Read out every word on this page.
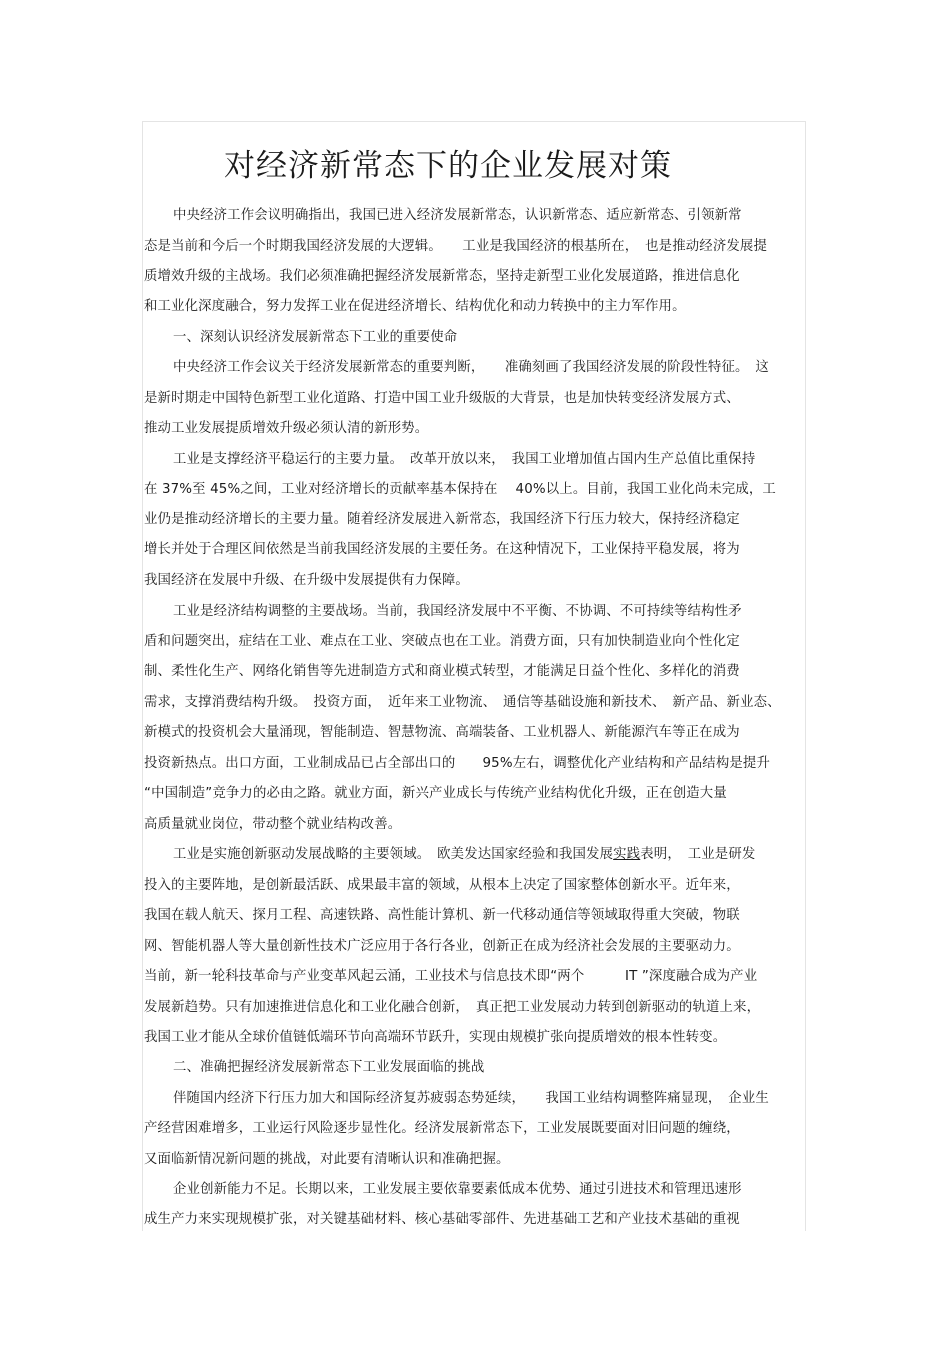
对经济新常态下的企业发展对策
中央经济工作会议明确指出，我国已进入经济发展新常态，认识新常态、适应新常态、引领新常
态是当前和今后一个时期我国经济发展的大逻辑。　　工业是我国经济的根基所在，　也是推动经济发展提
质增效升级的主战场。我们必须准确把握经济发展新常态，坚持走新型工业化发展道路，推进信息化
和工业化深度融合，努力发挥工业在促进经济增长、结构优化和动力转换中的主力军作用。
一、深刻认识经济发展新常态下工业的重要使命
中央经济工作会议关于经济发展新常态的重要判断，　　准确刻画了我国经济发展的阶段性特征。　这
是新时期走中国特色新型工业化道路、打造中国工业升级版的大背景，也是加快转变经济发展方式、
推动工业发展提质增效升级必须认清的新形势。
工业是支撑经济平稳运行的主要力量。　改革开放以来，　我国工业增加值占国内生产总值比重保持
在 37%至 45%之间，工业对经济增长的贡献率基本保持在　 40%以上。目前，我国工业化尚未完成，工
业仍是推动经济增长的主要力量。随着经济发展进入新常态，我国经济下行压力较大，保持经济稳定
增长并处于合理区间依然是当前我国经济发展的主要任务。在这种情况下，工业保持平稳发展，将为
我国经济在发展中升级、在升级中发展提供有力保障。
工业是经济结构调整的主要战场。当前，我国经济发展中不平衡、不协调、不可持续等结构性矛
盾和问题突出，症结在工业、难点在工业、突破点也在工业。消费方面，只有加快制造业向个性化定
制、柔性化生产、网络化销售等先进制造方式和商业模式转型，才能满足日益个性化、多样化的消费
需求，支撑消费结构升级。　投资方面，　近年来工业物流、　通信等基础设施和新技术、　新产品、新业态、
新模式的投资机会大量涌现，智能制造、智慧物流、高端装备、工业机器人、新能源汽车等正在成为
投资新热点。出口方面，工业制成品已占全部出口的　　95%左右，调整优化产业结构和产品结构是提升
“中国制造”竞争力的必由之路。就业方面，新兴产业成长与传统产业结构优化升级，正在创造大量
高质量就业岗位，带动整个就业结构改善。
工业是实施创新驱动发展战略的主要领域。　欧美发达国家经验和我国发展实践表明，　工业是研发
投入的主要阵地，是创新最活跃、成果最丰富的领域，从根本上决定了国家整体创新水平。近年来，
我国在载人航天、探月工程、高速铁路、高性能计算机、新一代移动通信等领域取得重大突破，物联
网、智能机器人等大量创新性技术广泛应用于各行各业，创新正在成为经济社会发展的主要驱动力。
当前，新一轮科技革命与产业变革风起云涌，工业技术与信息技术即“两个　　　IT ”深度融合成为产业
发展新趋势。只有加速推进信息化和工业化融合创新，　真正把工业发展动力转到创新驱动的轨道上来，
我国工业才能从全球价值链低端环节向高端环节跃升，实现由规模扩张向提质增效的根本性转变。
二、准确把握经济发展新常态下工业发展面临的挑战
伴随国内经济下行压力加大和国际经济复苏疲弱态势延续，　　我国工业结构调整阵痛显现，　企业生
产经营困难增多，工业运行风险逐步显性化。经济发展新常态下，工业发展既要面对旧问题的缠绕，
又面临新情况新问题的挑战，对此要有清晰认识和准确把握。
企业创新能力不足。长期以来，工业发展主要依靠要素低成本优势、通过引进技术和管理迅速形
成生产力来实现规模扩张，对关键基础材料、核心基础零部件、先进基础工艺和产业技术基础的重视
